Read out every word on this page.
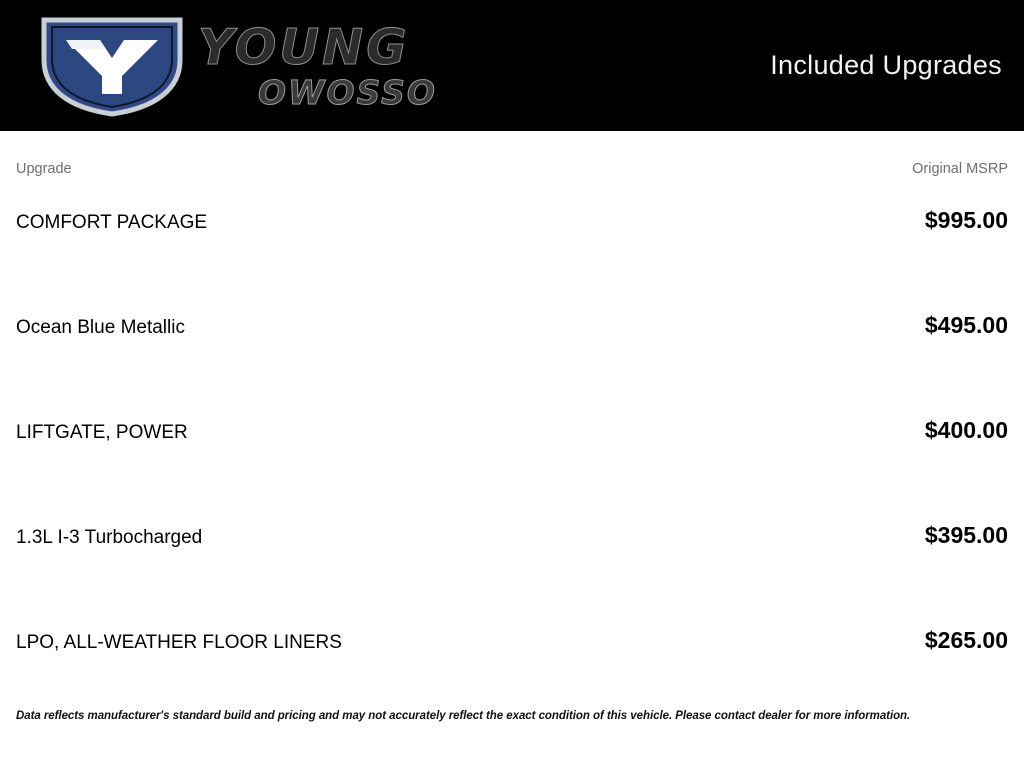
YOUNG
OWOSSO
Included Upgrades
Upgrade	Original MSRP
COMFORT PACKAGE	$995.00
Ocean Blue Metallic	$495.00
LIFTGATE, POWER	$400.00
1.3L I-3 Turbocharged	$395.00
LPO, ALL-WEATHER FLOOR LINERS	$265.00
Data reflects manufacturer's standard build and pricing and may not accurately reflect the exact condition of this vehicle. Please contact dealer for more information.
